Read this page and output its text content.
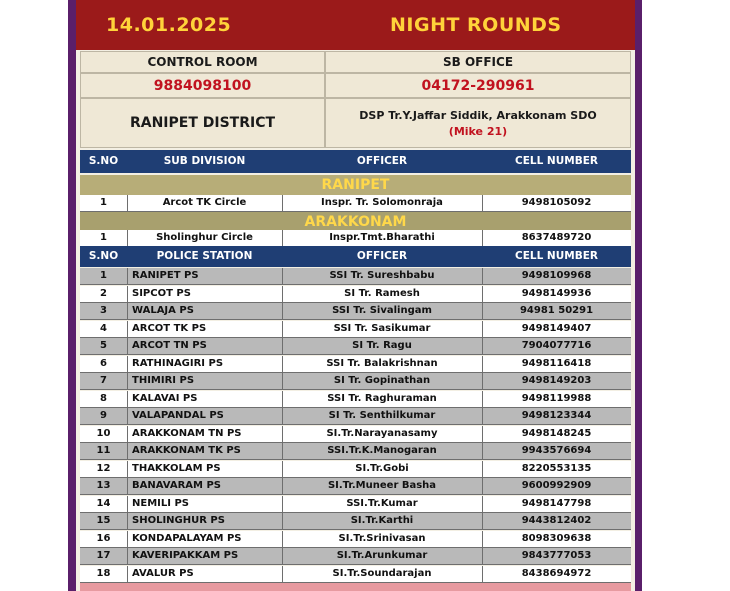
14.01.2025	NIGHT ROUNDS
CONTROL ROOM	SB OFFICE
9884098100	04172-290961
RANIPET DISTRICT	DSP Tr.Y.Jaffar Siddik, Arakkonam SDO
(Mike 21)
S.NO	SUB DIVISION	OFFICER	CELL NUMBER
RANIPET
1	Arcot TK Circle	Inspr. Tr. Solomonraja	9498105092
ARAKKONAM
1	Sholinghur Circle	Inspr.Tmt.Bharathi	8637489720
S.NO	POLICE STATION	OFFICER	CELL NUMBER
1	RANIPET PS	SSI Tr. Sureshbabu	9498109968
2	SIPCOT PS	SI Tr. Ramesh	9498149936
3	WALAJA PS	SSI Tr. Sivalingam	94981 50291
4	ARCOT TK PS	SSI Tr. Sasikumar	9498149407
5	ARCOT TN PS	SI Tr. Ragu	7904077716
6	RATHINAGIRI PS	SSI Tr. Balakrishnan	9498116418
7	THIMIRI PS	SI Tr. Gopinathan	9498149203
8	KALAVAI PS	SSI Tr. Raghuraman	9498119988
9	VALAPANDAL PS	SI Tr. Senthilkumar	9498123344
10	ARAKKONAM TN PS	SI.Tr.Narayanasamy	9498148245
11	ARAKKONAM TK PS	SSI.Tr.K.Manogaran	9943576694
12	THAKKOLAM PS	SI.Tr.Gobi	8220553135
13	BANAVARAM PS	SI.Tr.Muneer Basha	9600992909
14	NEMILI PS	SSI.Tr.Kumar	9498147798
15	SHOLINGHUR PS	SI.Tr.Karthi	9443812402
16	KONDAPALAYAM PS	SI.Tr.Srinivasan	8098309638
17	KAVERIPAKKAM PS	SI.Tr.Arunkumar	9843777053
18	AVALUR PS	SI.Tr.Soundarajan	8438694972
